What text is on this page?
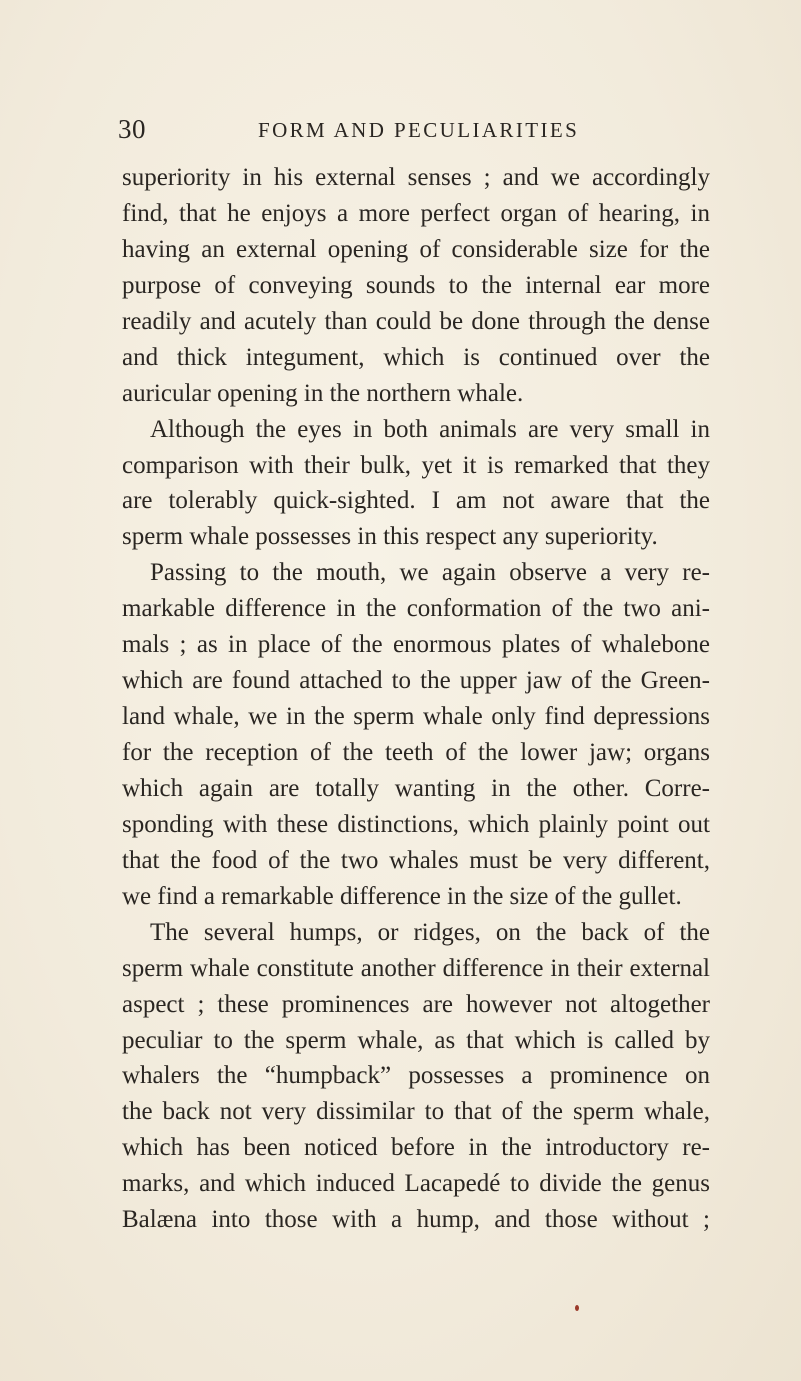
30	FORM AND PECULIARITIES
superiority in his external senses ; and we accordingly
find, that he enjoys a more perfect organ of hearing, in
having an external opening of considerable size for the
purpose of conveying sounds to the internal ear more
readily and acutely than could be done through the dense
and thick integument, which is continued over the
auricular opening in the northern whale.
Although the eyes in both animals are very small in
comparison with their bulk, yet it is remarked that they
are tolerably quick-sighted. I am not aware that the
sperm whale possesses in this respect any superiority.
Passing to the mouth, we again observe a very re-
markable difference in the conformation of the two ani-
mals ; as in place of the enormous plates of whalebone
which are found attached to the upper jaw of the Green-
land whale, we in the sperm whale only find depressions
for the reception of the teeth of the lower jaw; organs
which again are totally wanting in the other. Corre-
sponding with these distinctions, which plainly point out
that the food of the two whales must be very different,
we find a remarkable difference in the size of the gullet.
The several humps, or ridges, on the back of the
sperm whale constitute another difference in their external
aspect ; these prominences are however not altogether
peculiar to the sperm whale, as that which is called by
whalers the “humpback” possesses a prominence on
the back not very dissimilar to that of the sperm whale,
which has been noticed before in the introductory re-
marks, and which induced Lacapedé to divide the genus
Balæna into those with a hump, and those without ;
